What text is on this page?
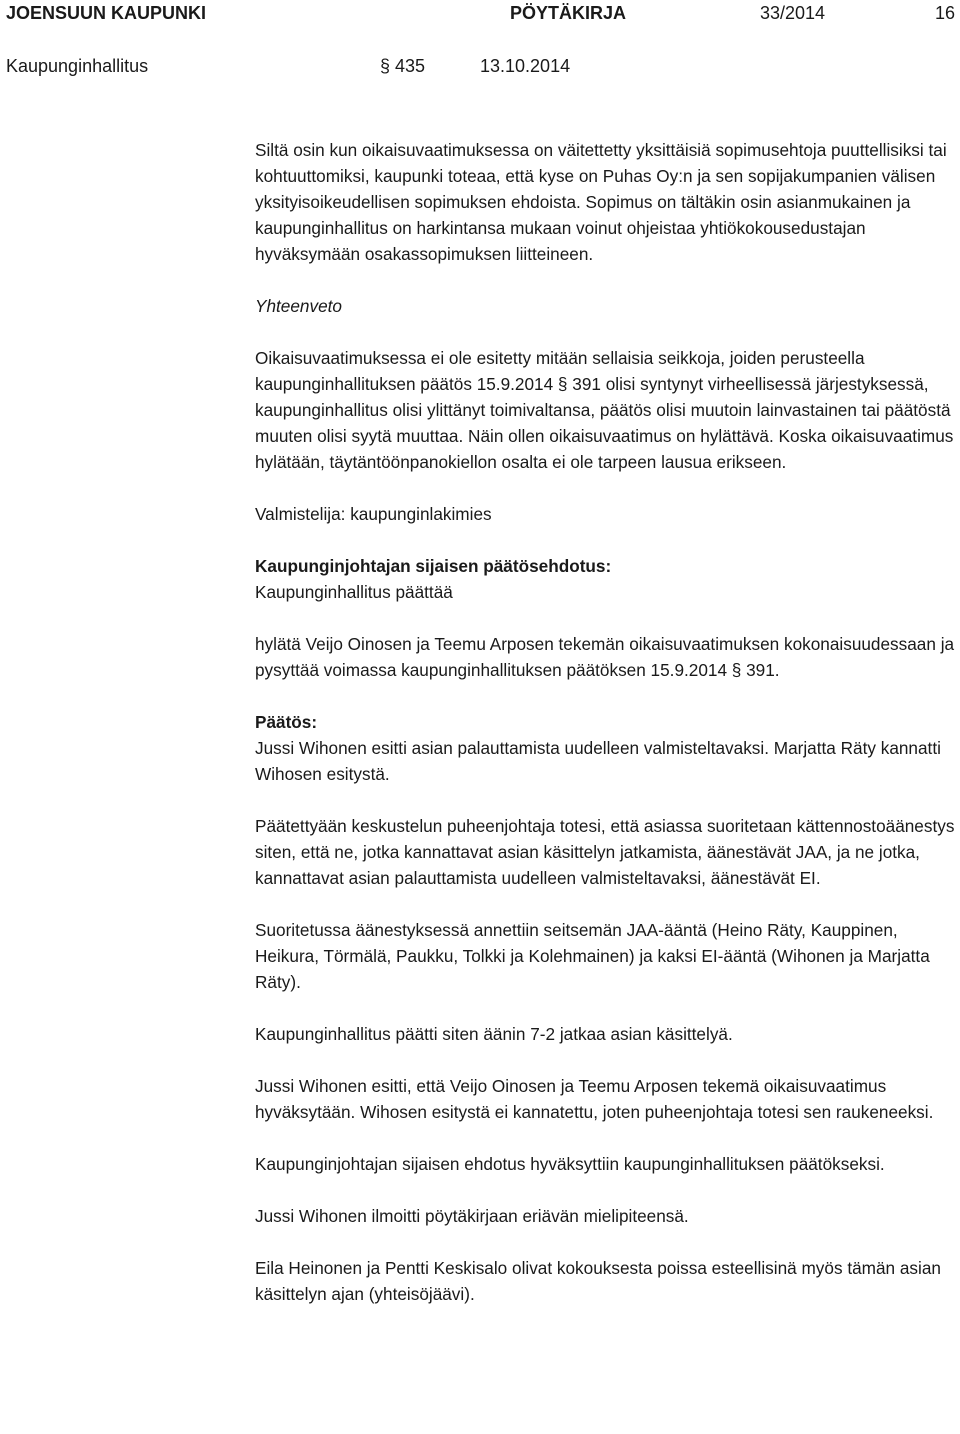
JOENSUUN KAUPUNKI	PÖYTÄKIRJA	33/2014	16
Kaupunginhallitus	§ 435	13.10.2014

Siltä osin kun oikaisuvaatimuksessa on väitettetty yksittäisiä sopimusehtoja puuttellisiksi tai kohtuuttomiksi, kaupunki toteaa, että kyse on Puhas Oy:n ja sen sopijakumpanien välisen yksityisoikeudellisen sopimuksen ehdoista. Sopimus on tältäkin osin asianmukainen ja kaupunginhallitus on harkintansa mukaan voinut ohjeistaa yhtiökokousedustajan hyväksymään osakassopimuksen liitteineen.

Yhteenveto

Oikaisuvaatimuksessa ei ole esitetty mitään sellaisia seikkoja, joiden perusteella kaupunginhallituksen päätös 15.9.2014 § 391 olisi syntynyt virheellisessä järjestyksessä, kaupunginhallitus olisi ylittänyt toimivaltansa, päätös olisi muutoin lainvastainen tai päätöstä muuten olisi syytä muuttaa. Näin ollen oikaisuvaatimus on hylättävä. Koska oikaisuvaatimus hylätään, täytäntöönpanokiellon osalta ei ole tarpeen lausua erikseen.

Valmistelija: kaupunginlakimies

Kaupunginjohtajan sijaisen päätösehdotus:

Kaupunginhallitus päättää

hylätä Veijo Oinosen ja Teemu Arposen tekemän oikaisuvaatimuksen kokonaisuudessaan ja pysyttää voimassa kaupunginhallituksen päätöksen 15.9.2014 § 391.

Päätös:

Jussi Wihonen esitti asian palauttamista uudelleen valmisteltavaksi. Marjatta Räty kannatti Wihosen esitystä.

Päätettyään keskustelun puheenjohtaja totesi, että asiassa suoritetaan kättennostoäänestys siten, että ne, jotka kannattavat asian käsittelyn jatkamista, äänestävät JAA, ja ne jotka, kannattavat asian palauttamista uudelleen valmisteltavaksi, äänestävät EI.

Suoritetussa äänestyksessä annettiin seitsemän JAA-ääntä (Heino Räty, Kauppinen, Heikura, Törmälä, Paukku, Tolkki ja Kolehmainen) ja kaksi EI-ääntä (Wihonen ja Marjatta Räty).

Kaupunginhallitus päätti siten äänin 7-2 jatkaa asian käsittelyä.

Jussi Wihonen esitti, että Veijo Oinosen ja Teemu Arposen tekemä oikaisuvaatimus hyväksytään. Wihosen esitystä ei kannatettu, joten puheenjohtaja totesi sen raukeneeksi.

Kaupunginjohtajan sijaisen ehdotus hyväksyttiin kaupunginhallituksen päätökseksi.

Jussi Wihonen ilmoitti pöytäkirjaan eriävän mielipiteensä.

Eila Heinonen ja Pentti Keskisalo olivat kokouksesta poissa esteellisinä myös tämän asian käsittelyn ajan (yhteisöjäävi).
